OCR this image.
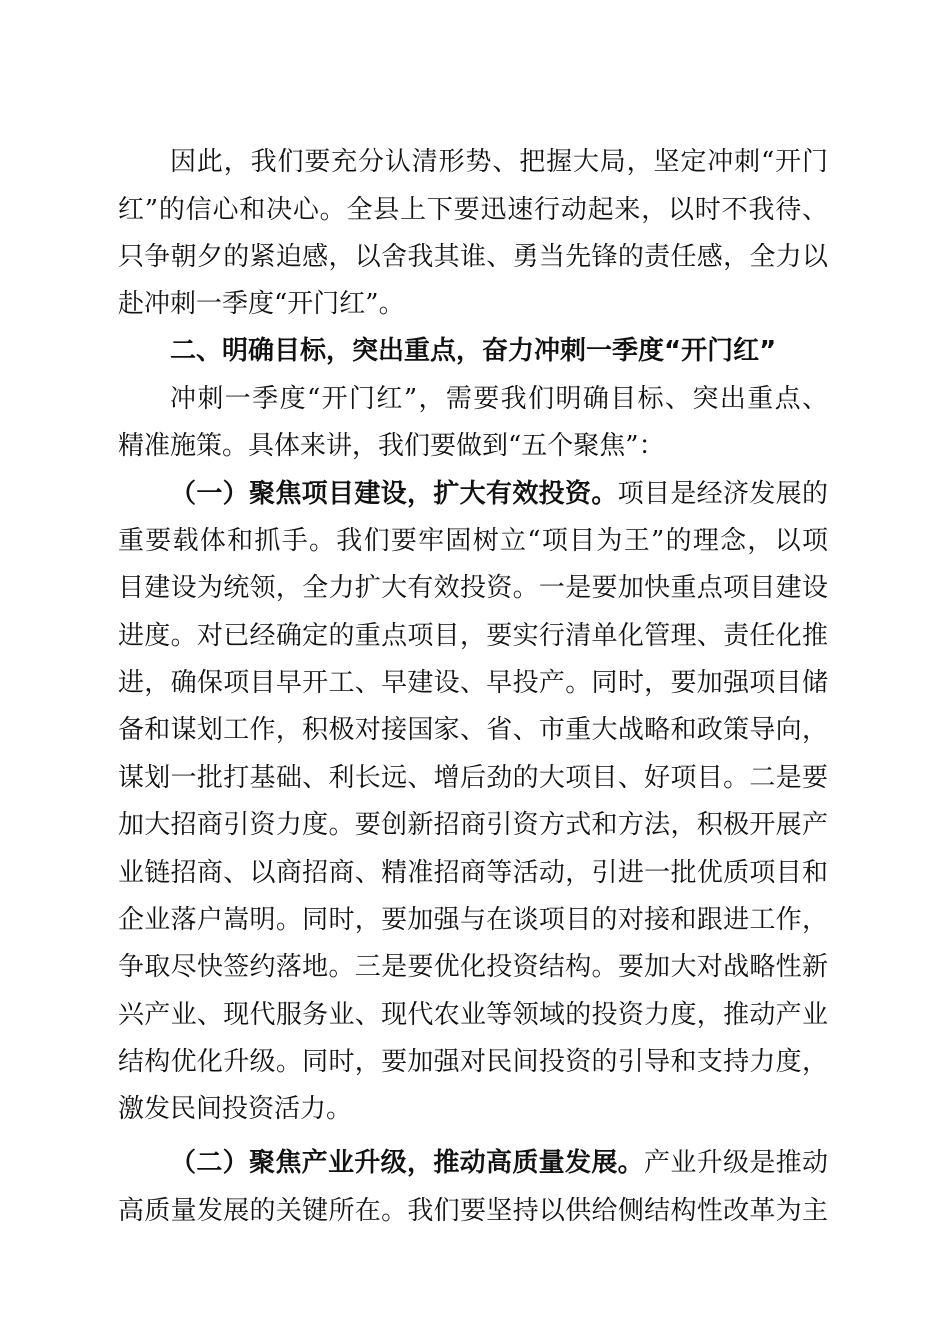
因此，我们要充分认清形势、把握大局，坚定冲刺“开门
红”的信心和决心。全县上下要迅速行动起来，以时不我待、
只争朝夕的紧迫感，以舍我其谁、勇当先锋的责任感，全力以
赴冲刺一季度“开门红”。
二、明确目标，突出重点，奋力冲刺一季度“开门红”
冲刺一季度“开门红”，需要我们明确目标、突出重点、
精准施策。具体来讲，我们要做到“五个聚焦”：
（一）聚焦项目建设，扩大有效投资。项目是经济发展的
重要载体和抓手。我们要牢固树立“项目为王”的理念，以项
目建设为统领，全力扩大有效投资。一是要加快重点项目建设
进度。对已经确定的重点项目，要实行清单化管理、责任化推
进，确保项目早开工、早建设、早投产。同时，要加强项目储
备和谋划工作，积极对接国家、省、市重大战略和政策导向，
谋划一批打基础、利长远、增后劲的大项目、好项目。二是要
加大招商引资力度。要创新招商引资方式和方法，积极开展产
业链招商、以商招商、精准招商等活动，引进一批优质项目和
企业落户嵩明。同时，要加强与在谈项目的对接和跟进工作，
争取尽快签约落地。三是要优化投资结构。要加大对战略性新
兴产业、现代服务业、现代农业等领域的投资力度，推动产业
结构优化升级。同时，要加强对民间投资的引导和支持力度，
激发民间投资活力。
（二）聚焦产业升级，推动高质量发展。产业升级是推动
高质量发展的关键所在。我们要坚持以供给侧结构性改革为主
